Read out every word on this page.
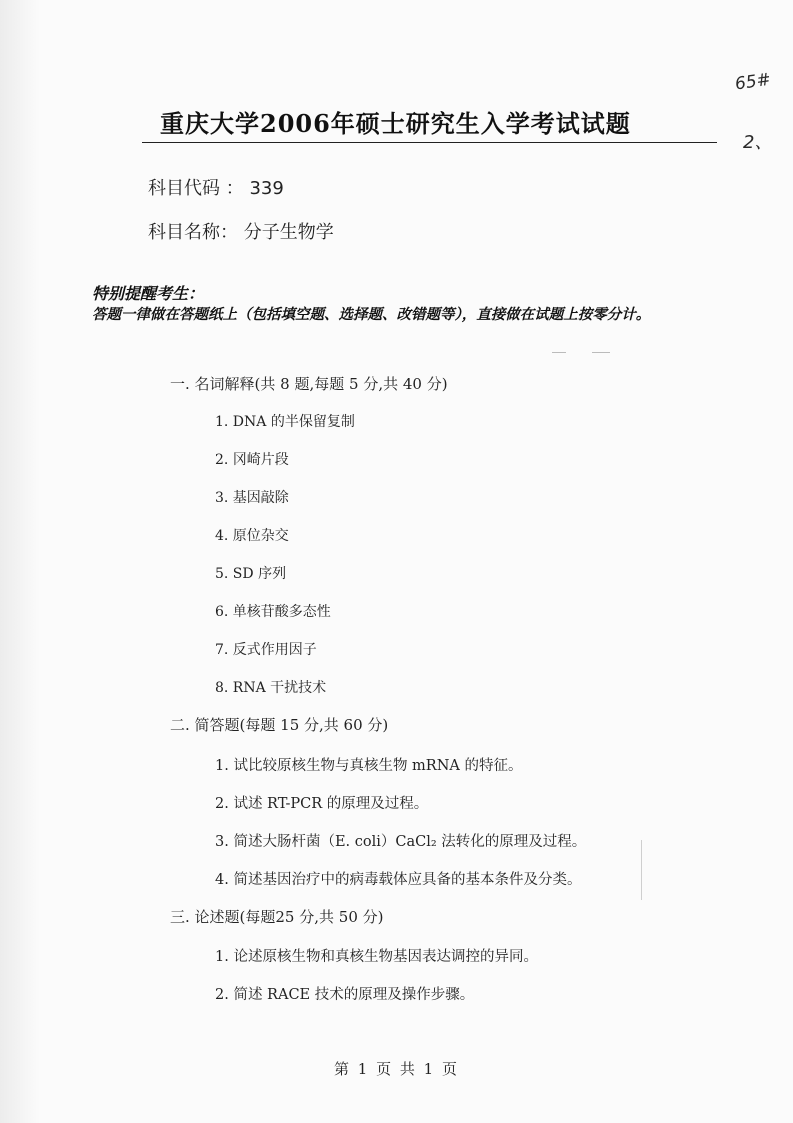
65#
2、
重庆大学2006年硕士研究生入学考试试题
科目代码 ： 339
科目名称： 分子生物学
特别提醒考生：
答题一律做在答题纸上（包括填空题、选择题、改错题等），直接做在试题上按零分计。
一. 名词解释(共 8 题,每题 5 分,共 40 分)
1. DNA 的半保留复制
2. 冈崎片段
3. 基因敲除
4. 原位杂交
5. SD 序列
6. 单核苷酸多态性
7. 反式作用因子
8. RNA 干扰技术
二. 简答题(每题 15 分,共 60 分)
1. 试比较原核生物与真核生物 mRNA 的特征。
2. 试述 RT-PCR 的原理及过程。
3. 简述大肠杆菌（E. coli）CaCl₂ 法转化的原理及过程。
4. 简述基因治疗中的病毒载体应具备的基本条件及分类。
三. 论述题(每题25 分,共 50 分)
1. 论述原核生物和真核生物基因表达调控的异同。
2. 简述 RACE 技术的原理及操作步骤。
第 1 页 共 1 页
